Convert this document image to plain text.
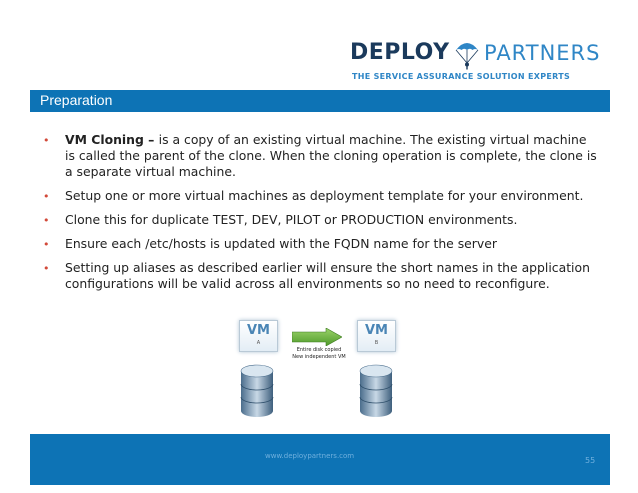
DEPLOY PARTNERS
THE SERVICE ASSURANCE SOLUTION EXPERTS
Preparation
• VM Cloning – is a copy of an existing virtual machine. The existing virtual machine is called the parent of the clone. When the cloning operation is complete, the clone is a separate virtual machine.
• Setup one or more virtual machines as deployment template for your environment.
• Clone this for duplicate TEST, DEV, PILOT or PRODUCTION environments.
• Ensure each /etc/hosts is updated with the FQDN name for the server
• Setting up aliases as described earlier will ensure the short names in the application configurations will be valid across all environments so no need to reconfigure.
VM
A
VM
B
Entire disk copied
New independent VM
www.deploypartners.com	55
